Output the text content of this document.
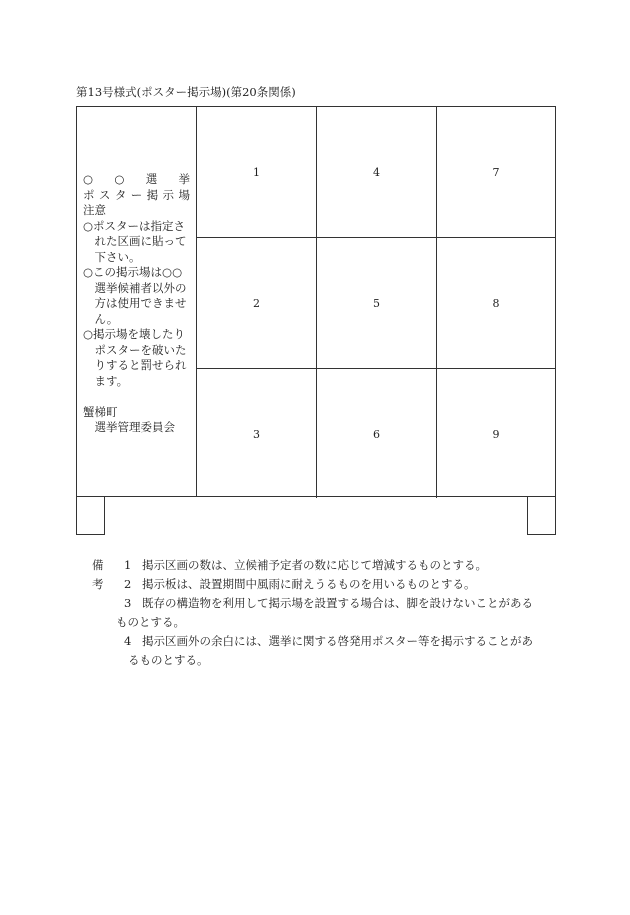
第13号様式(ポスター掲示場)(第20条関係)
○ ○ 選 挙
ポ ス タ ー 掲 示 場
注意
○ポスターは指定さ
れた区画に貼って
下さい。
○この掲示場は○○
選挙候補者以外の
方は使用できませ
ん。
○掲示場を壊したり
ポスターを破いた
りすると罰せられ
ます。
蟹梯町
選挙管理委員会
1	4	7
2	5	8
3	6	9
備考
1 掲示区画の数は、立候補予定者の数に応じて増減するものとする。
2 掲示板は、設置期間中風雨に耐えうるものを用いるものとする。
3 既存の構造物を利用して掲示場を設置する場合は、脚を設けないことがある
ものとする。
4 掲示区画外の余白には、選挙に関する啓発用ポスター等を掲示することがあ
るものとする。
